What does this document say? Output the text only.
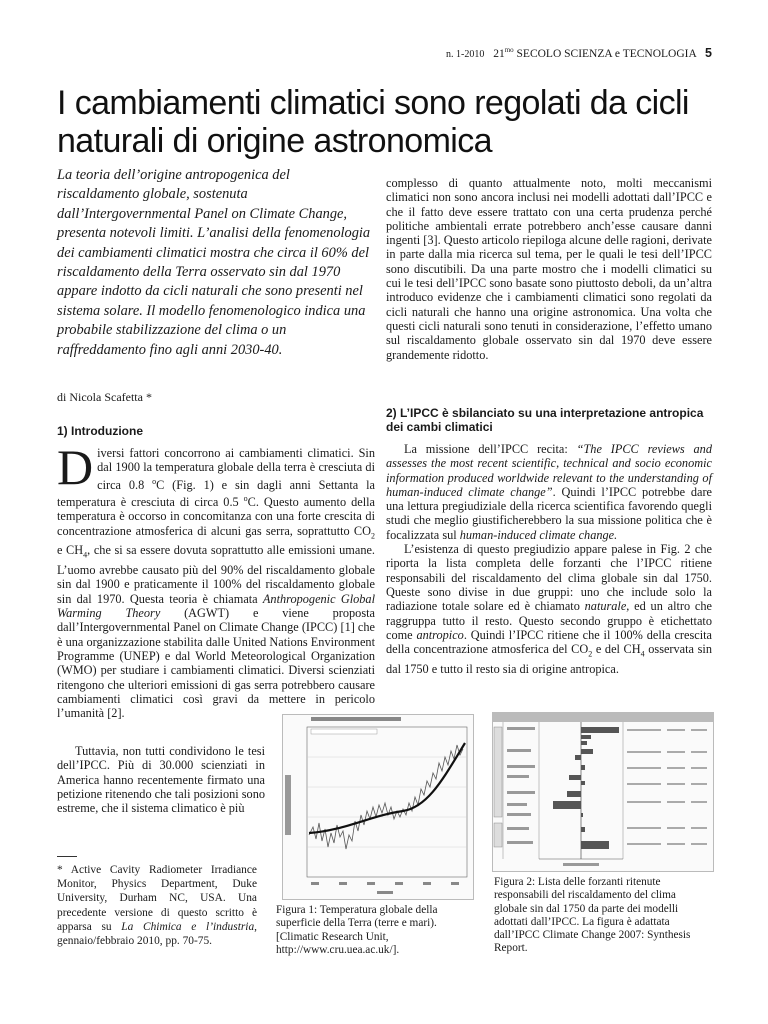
n. 1-2010 $21^{mo}$ SECOLO SCIENZA e TECNOLOGIA 5
I cambiamenti climatici sono regolati da cicli naturali di origine astronomica

La teoria dell’origine antropogenica del riscaldamento globale, sostenuta dall’Intergovernmental Panel on Climate Change, presenta notevoli limiti. L’analisi della fenomenologia dei cambiamenti climatici mostra che circa il 60% del riscaldamento della Terra osservato sin dal 1970 appare indotto da cicli naturali che sono presenti nel sistema solare. Il modello fenomenologico indica una probabile stabilizzazione del clima o un raffreddamento fino agli anni 2030-40.

di Nicola Scafetta *
1) Introduzione

Diversi fattori concorrono ai cambiamenti climatici. Sin dal 1900 la temperatura globale della terra è cresciuta di circa 0.8 $^o$C (Fig. 1) e sin dagli anni Settanta la temperatura è cresciuta di circa 0.5 $^o$C. Questo aumento della temperatura è occorso in concomitanza con una forte crescita di concentrazione atmosferica di alcuni gas serra, soprattutto $CO_2$ e $CH_4$, che si sa essere dovuta soprattutto alle emissioni umane. L’uomo avrebbe causato più del 90% del riscaldamento globale sin dal 1900 e praticamente il 100% del riscaldamento globale sin dal 1970. Questa teoria è chiamata Anthropogenic Global Warming Theory (AGWT) e viene proposta dall’Intergovernmental Panel on Climate Change (IPCC) [1] che è una organizzazione stabilita dalle United Nations Environment Programme (UNEP) e dal World Meteorological Organization (WMO) per studiare i cambiamenti climatici. Diversi scienziati ritengono che ulteriori emissioni di gas serra potrebbero causare cambiamenti climatici così gravi da mettere in pericolo l’umanità [2].

Tuttavia, non tutti condividono le tesi dell’IPCC. Più di 30.000 scienziati in America hanno recentemente firmato una petizione ritenendo che tali posizioni sono estreme, che il sistema climatico è più

complesso di quanto attualmente noto, molti meccanismi climatici non sono ancora inclusi nei modelli adottati dall’IPCC e che il fatto deve essere trattato con una certa prudenza perché politiche ambientali errate potrebbero anch’esse causare danni ingenti [3]. Questo articolo riepiloga alcune delle ragioni, derivate in parte dalla mia ricerca sul tema, per le quali le tesi dell’IPCC sono discutibili. Da una parte mostro che i modelli climatici su cui le tesi dell’IPCC sono basate sono piuttosto deboli, da un’altra introduco evidenze che i cambiamenti climatici sono regolati da cicli naturali che hanno una origine astronomica. Una volta che questi cicli naturali sono tenuti in considerazione, l’effetto umano sul riscaldamento globale osservato sin dal 1970 deve essere grandemente ridotto.

2) L’IPCC è sbilanciato su una interpretazione antropica dei cambi climatici

La missione dell’IPCC recita: “The IPCC reviews and assesses the most recent scientific, technical and socio economic information produced worldwide relevant to the understanding of human-induced climate change”. Quindi l’IPCC potrebbe dare una lettura pregiudiziale della ricerca scientifica favorendo quegli studi che meglio giustificherebbero la sua missione politica che è focalizzata sul human-induced climate change.

L’esistenza di questo pregiudizio appare palese in Fig. 2 che riporta la lista completa delle forzanti che l’IPCC ritiene responsabili del riscaldamento del clima globale sin dal 1750. Queste sono divise in due gruppi: uno che include solo la radiazione totale solare ed è chiamato naturale, ed un altro che raggruppa tutto il resto. Questo secondo gruppo è etichettato come antropico. Quindi l’IPCC ritiene che il 100% della crescita della concentrazione atmosferica del $CO_2$ e del $CH_4$ osservata sin dal 1750 e tutto il resto sia di origine antropica.

Figura 1: Temperatura globale della superficie della Terra (terre e mari). [Climatic Research Unit, http://www.cru.uea.ac.uk/].

Figura 2: Lista delle forzanti ritenute responsabili del riscaldamento del clima globale sin dal 1750 da parte dei modelli adottati dall’IPCC. La figura è adattata dall’IPCC Climate Change 2007: Synthesis Report.

* Active Cavity Radiometer Irradiance Monitor, Physics Department, Duke University, Durham NC, USA. Una precedente versione di questo scritto è apparsa su La Chimica e l’industria, gennaio/febbraio 2010, pp. 70-75.
